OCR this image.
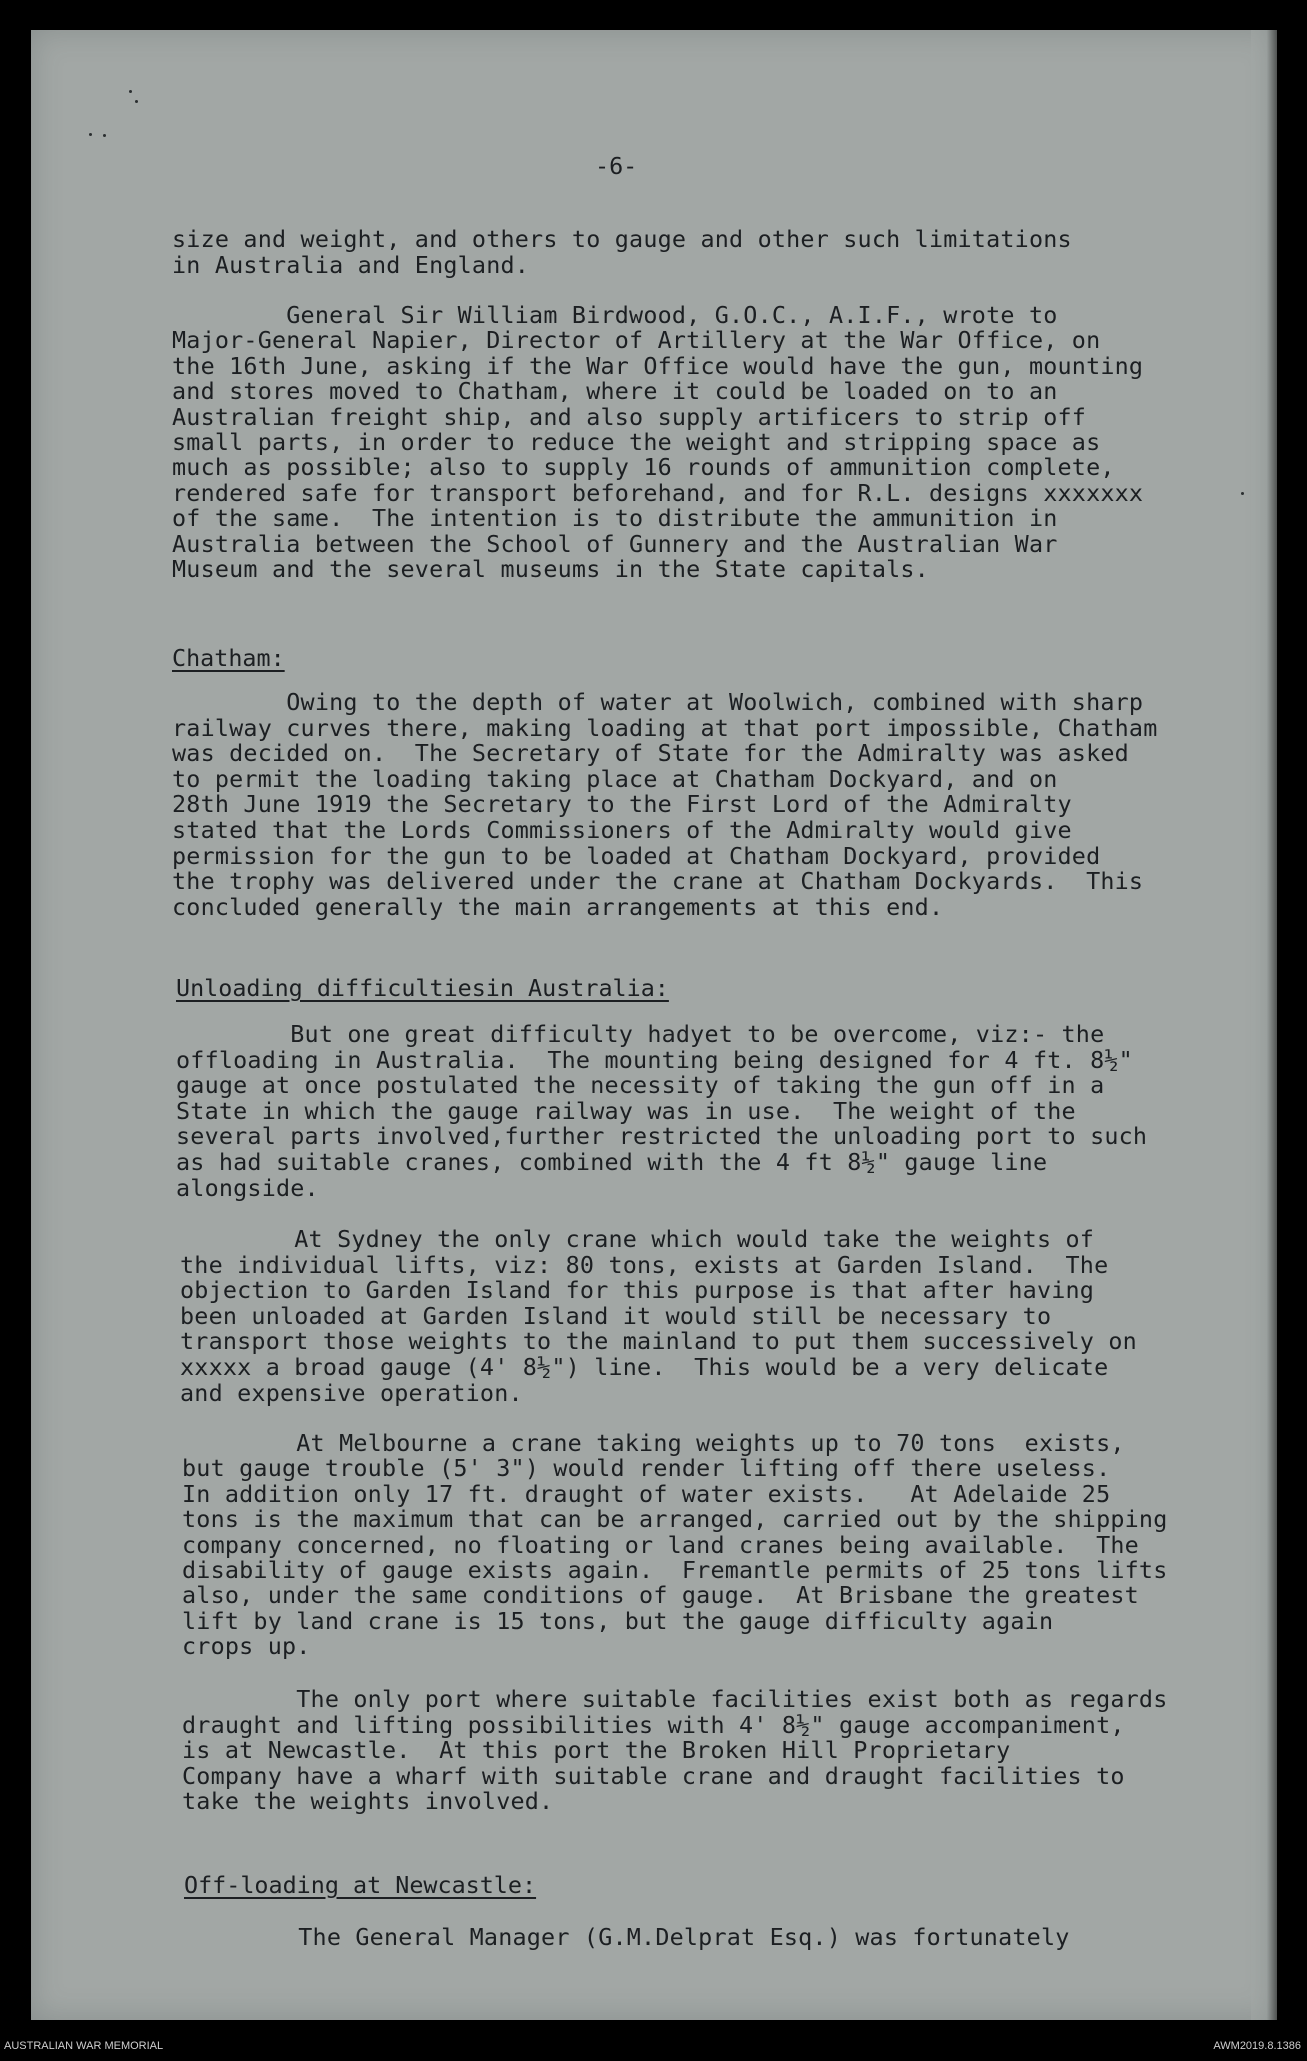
-6-

size and weight, and others to gauge and other such limitations
in Australia and England.

General Sir William Birdwood, G.O.C., A.I.F., wrote to
Major-General Napier, Director of Artillery at the War Office, on
the 16th June, asking if the War Office would have the gun, mounting
and stores moved to Chatham, where it could be loaded on to an
Australian freight ship, and also supply artificers to strip off
small parts, in order to reduce the weight and stripping space as
much as possible; also to supply 16 rounds of ammunition complete,
rendered safe for transport beforehand, and for R.L. designs xxxxxxx
of the same.  The intention is to distribute the ammunition in
Australia between the School of Gunnery and the Australian War
Museum and the several museums in the State capitals.

Owing to the depth of water at Woolwich, combined with sharp
railway curves there, making loading at that port impossible, Chatham
was decided on.  The Secretary of State for the Admiralty was asked
to permit the loading taking place at Chatham Dockyard, and on
28th June 1919 the Secretary to the First Lord of the Admiralty
stated that the Lords Commissioners of the Admiralty would give
permission for the gun to be loaded at Chatham Dockyard, provided
the trophy was delivered under the crane at Chatham Dockyards.  This
concluded generally the main arrangements at this end.

But one great difficulty hadyet to be overcome, viz:- the
offloading in Australia.  The mounting being designed for 4 ft. 8½"
gauge at once postulated the necessity of taking the gun off in a
State in which the gauge railway was in use.  The weight of the
several parts involved,further restricted the unloading port to such
as had suitable cranes, combined with the 4 ft 8½" gauge line
alongside.

At Sydney the only crane which would take the weights of
the individual lifts, viz: 80 tons, exists at Garden Island.  The
objection to Garden Island for this purpose is that after having
been unloaded at Garden Island it would still be necessary to
transport those weights to the mainland to put them successively on
xxxxx a broad gauge (4' 8½") line.  This would be a very delicate
and expensive operation.

At Melbourne a crane taking weights up to 70 tons  exists,
but gauge trouble (5' 3") would render lifting off there useless.
In addition only 17 ft. draught of water exists.   At Adelaide 25
tons is the maximum that can be arranged, carried out by the shipping
company concerned, no floating or land cranes being available.  The
disability of gauge exists again.  Fremantle permits of 25 tons lifts
also, under the same conditions of gauge.  At Brisbane the greatest
lift by land crane is 15 tons, but the gauge difficulty again
crops up.

The only port where suitable facilities exist both as regards
draught and lifting possibilities with 4' 8½" gauge accompaniment,
is at Newcastle.  At this port the Broken Hill Proprietary
Company have a wharf with suitable crane and draught facilities to
take the weights involved.

The General Manager (G.M.Delprat Esq.) was fortunately

Chatham:
Unloading difficultiesin Australia:
Off-loading at Newcastle:
AUSTRALIAN WAR MEMORIAL	AWM2019.8.1386
